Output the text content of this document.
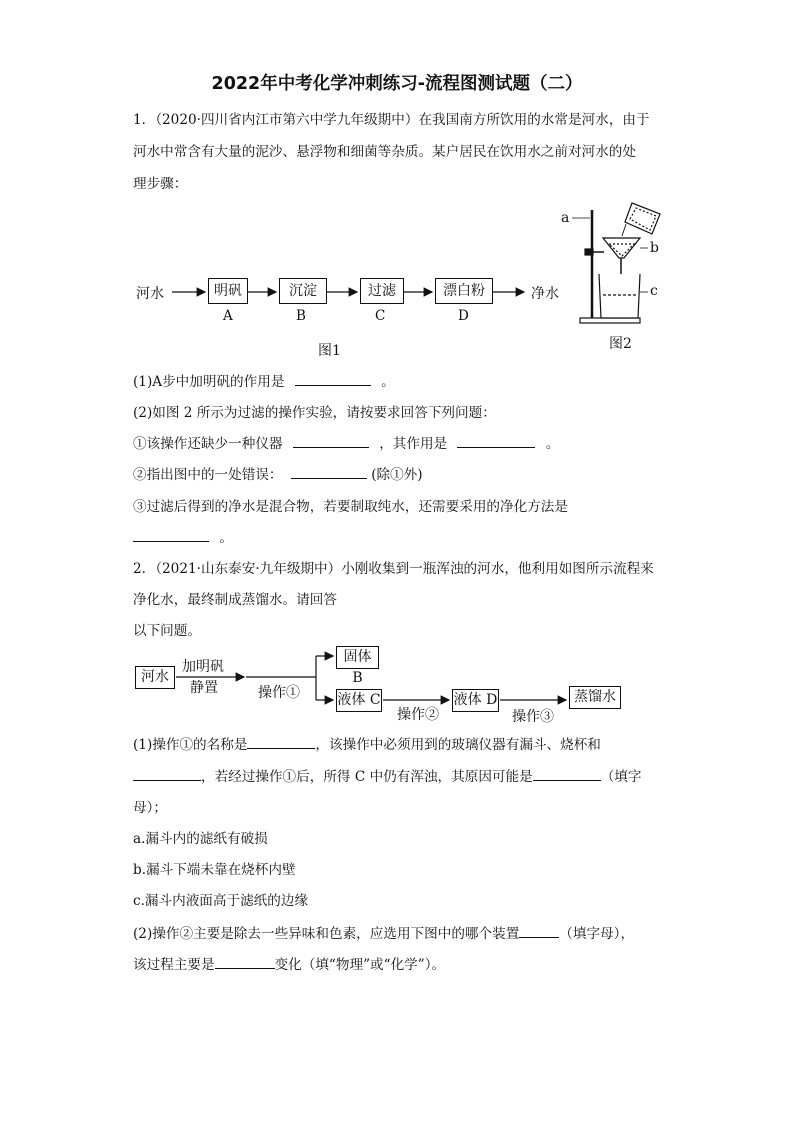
2022年中考化学冲刺练习-流程图测试题（二）
1．（2020·四川省内江市第六中学九年级期中）在我国南方所饮用的水常是河水，由于
河水中常含有大量的泥沙、悬浮物和细菌等杂质。某户居民在饮用水之前对河水的处
理步骤：
河水	明矾	沉淀	过滤	漂白粉	净水
A	B	C	D
图1
a
b
c
图2
(1)A步中加明矾的作用是	。
(2)如图 2 所示为过滤的操作实验，请按要求回答下列问题：
①该操作还缺少一种仪器	，其作用是	。
②指出图中的一处错误：	(除①外)
③过滤后得到的净水是混合物，若要制取纯水，还需要采用的净化方法是
。
2．（2021·山东泰安·九年级期中）小刚收集到一瓶浑浊的河水，他利用如图所示流程来
净化水，最终制成蒸馏水。请回答
以下问题。
河水
加明矾
静置	操作①
固体 B
液体 C
操作②
液体 D
操作③
蒸馏水
(1)操作①的名称是	，该操作中必须用到的玻璃仪器有漏斗、烧杯和
，若经过操作①后，所得 C 中仍有浑浊，其原因可能是	（填字
母）；
a.漏斗内的滤纸有破损
b.漏斗下端未靠在烧杯内壁
c.漏斗内液面高于滤纸的边缘
(2)操作②主要是除去一些异味和色素，应选用下图中的哪个装置	（填字母），
该过程主要是	变化（填“物理”或“化学”）。
